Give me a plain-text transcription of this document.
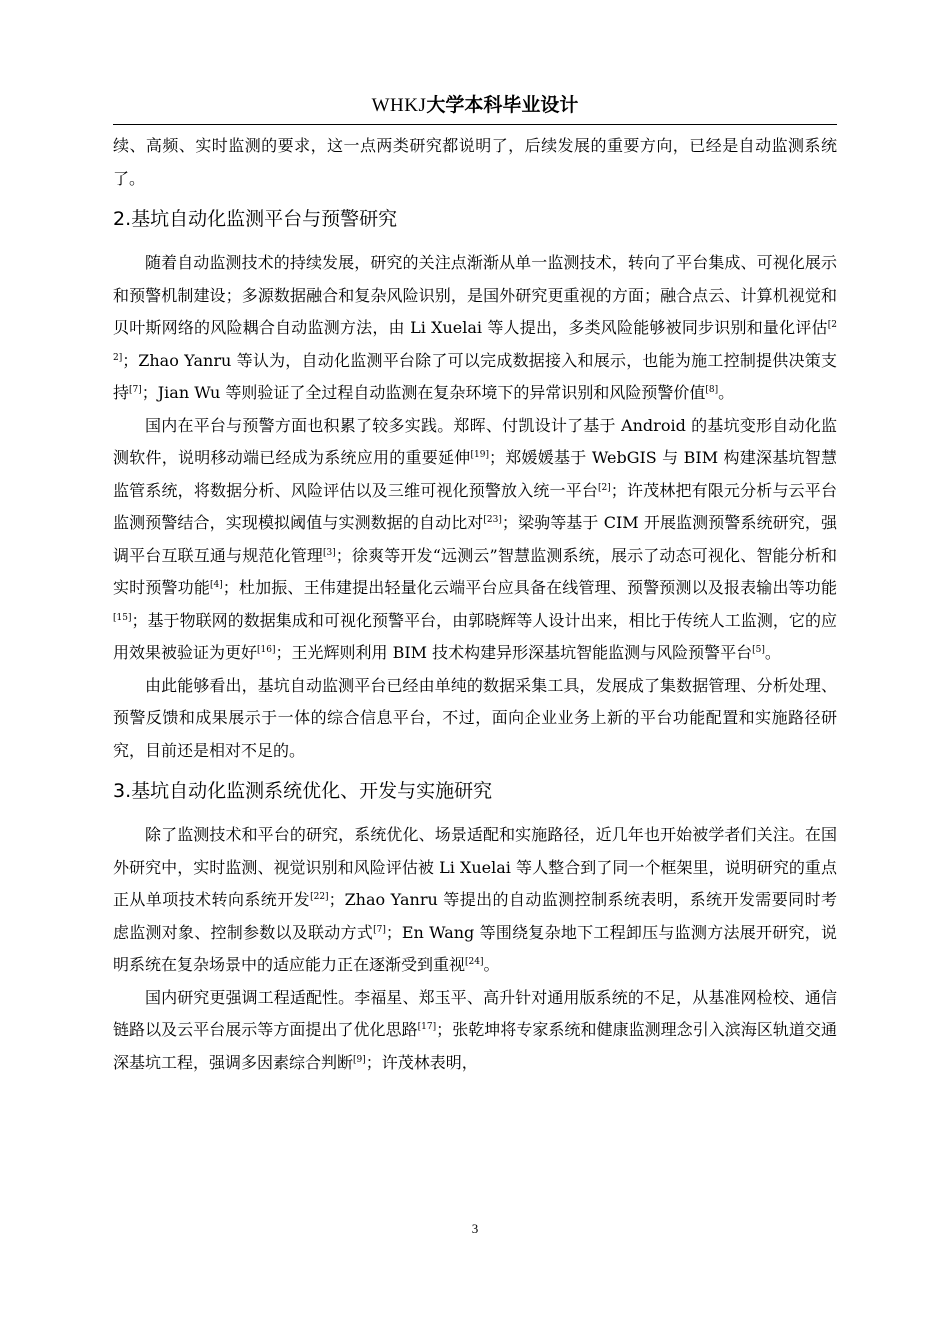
WHKJ大学本科毕业设计

续、高频、实时监测的要求，这一点两类研究都说明了，后续发展的重要方向，已经是自动监测系统了。

2.基坑自动化监测平台与预警研究

随着自动监测技术的持续发展，研究的关注点渐渐从单一监测技术，转向了平台集成、可视化展示和预警机制建设；多源数据融合和复杂风险识别，是国外研究更重视的方面；融合点云、计算机视觉和贝叶斯网络的风险耦合自动监测方法，由 Li Xuelai 等人提出，多类风险能够被同步识别和量化评估[22]；Zhao Yanru 等认为，自动化监测平台除了可以完成数据接入和展示，也能为施工控制提供决策支持[7]；Jian Wu 等则验证了全过程自动监测在复杂环境下的异常识别和风险预警价值[8]。

国内在平台与预警方面也积累了较多实践。郑晖、付凯设计了基于 Android 的基坑变形自动化监测软件，说明移动端已经成为系统应用的重要延伸[19]；郑媛媛基于 WebGIS 与 BIM 构建深基坑智慧监管系统，将数据分析、风险评估以及三维可视化预警放入统一平台[2]；许茂林把有限元分析与云平台监测预警结合，实现模拟阈值与实测数据的自动比对[23]；梁驹等基于 CIM 开展监测预警系统研究，强调平台互联互通与规范化管理[3]；徐爽等开发“远测云”智慧监测系统，展示了动态可视化、智能分析和实时预警功能[4]；杜加振、王伟建提出轻量化云端平台应具备在线管理、预警预测以及报表输出等功能[15]；基于物联网的数据集成和可视化预警平台，由郭晓辉等人设计出来，相比于传统人工监测，它的应用效果被验证为更好[16]；王光辉则利用 BIM 技术构建异形深基坑智能监测与风险预警平台[5]。

由此能够看出，基坑自动监测平台已经由单纯的数据采集工具，发展成了集数据管理、分析处理、预警反馈和成果展示于一体的综合信息平台，不过，面向企业业务上新的平台功能配置和实施路径研究，目前还是相对不足的。

3.基坑自动化监测系统优化、开发与实施研究

除了监测技术和平台的研究，系统优化、场景适配和实施路径，近几年也开始被学者们关注。在国外研究中，实时监测、视觉识别和风险评估被 Li Xuelai 等人整合到了同一个框架里，说明研究的重点正从单项技术转向系统开发[22]；Zhao Yanru 等提出的自动监测控制系统表明，系统开发需要同时考虑监测对象、控制参数以及联动方式[7]；En Wang 等围绕复杂地下工程卸压与监测方法展开研究，说明系统在复杂场景中的适应能力正在逐渐受到重视[24]。

国内研究更强调工程适配性。李福星、郑玉平、高升针对通用版系统的不足，从基准网检校、通信链路以及云平台展示等方面提出了优化思路[17]；张乾坤将专家系统和健康监测理念引入滨海区轨道交通深基坑工程，强调多因素综合判断[9]；许茂林表明，

3
